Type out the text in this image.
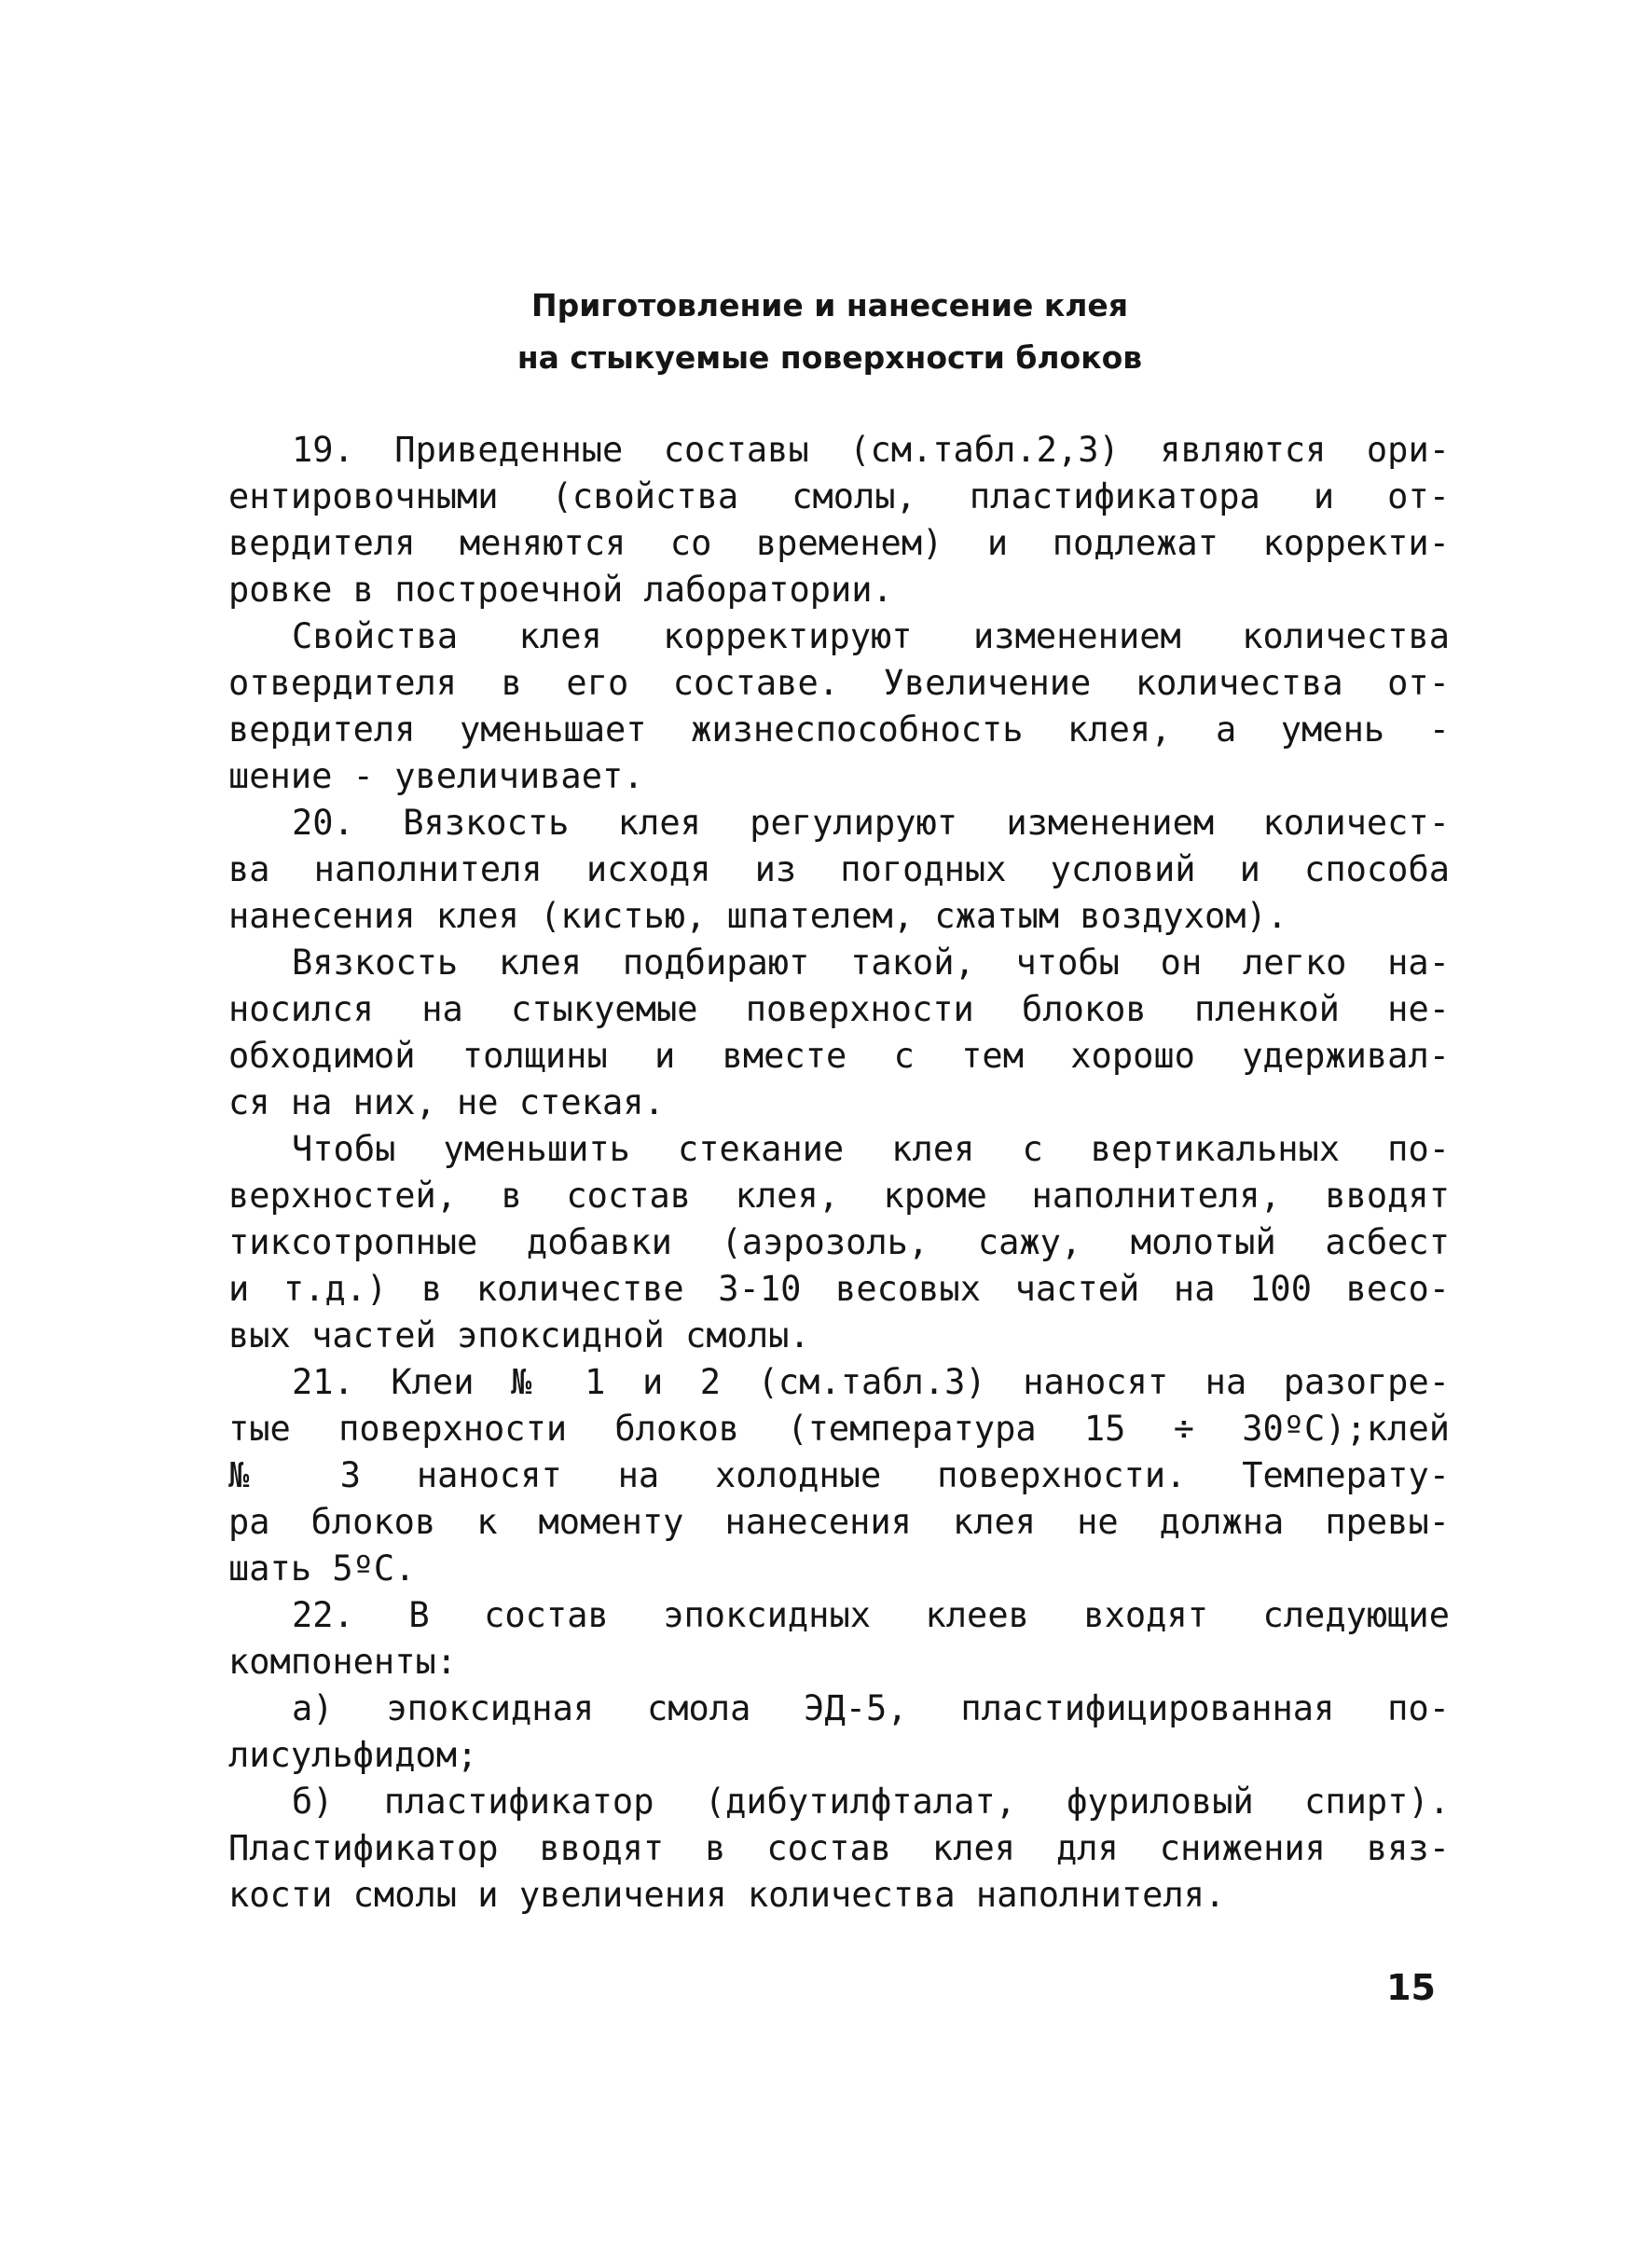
Приготовление и нанесение клея
на стыкуемые поверхности блоков
19. Приведенные составы (см.табл.2,3) являются ори-
ентировочными (свойства смолы, пластификатора и от-
вердителя меняются со временем) и подлежат корректи-
ровке в построечной лаборатории.
Свойства клея корректируют изменением количества
отвердителя в его составе. Увеличение количества от-
вердителя уменьшает жизнеспособность клея, а умень -
шение - увеличивает.
20. Вязкость клея регулируют изменением количест-
ва наполнителя исходя из погодных условий и способа
нанесения клея (кистью, шпателем, сжатым воздухом).
Вязкость клея подбирают такой, чтобы он легко на-
носился на стыкуемые поверхности блоков пленкой не-
обходимой толщины и вместе с тем хорошо удерживал-
ся на них, не стекая.
Чтобы уменьшить стекание клея с вертикальных по-
верхностей, в состав клея, кроме наполнителя, вводят
тиксотропные добавки (аэрозоль, сажу, молотый асбест
и т.д.) в количестве 3-10 весовых частей на 100 весо-
вых частей эпоксидной смолы.
21. Клеи № 1 и 2 (см.табл.3) наносят на разогре-
тые поверхности блоков (температура 15 ÷ 30ºС);клей
№ 3 наносят на холодные поверхности. Температу-
ра блоков к моменту нанесения клея не должна превы-
шать 5ºС.
22. В состав эпоксидных клеев входят следующие
компоненты:
а) эпоксидная смола ЭД-5, пластифицированная по-
лисульфидом;
б) пластификатор (дибутилфталат, фуриловый спирт).
Пластификатор вводят в состав клея для снижения вяз-
кости смолы и увеличения количества наполнителя.
15
